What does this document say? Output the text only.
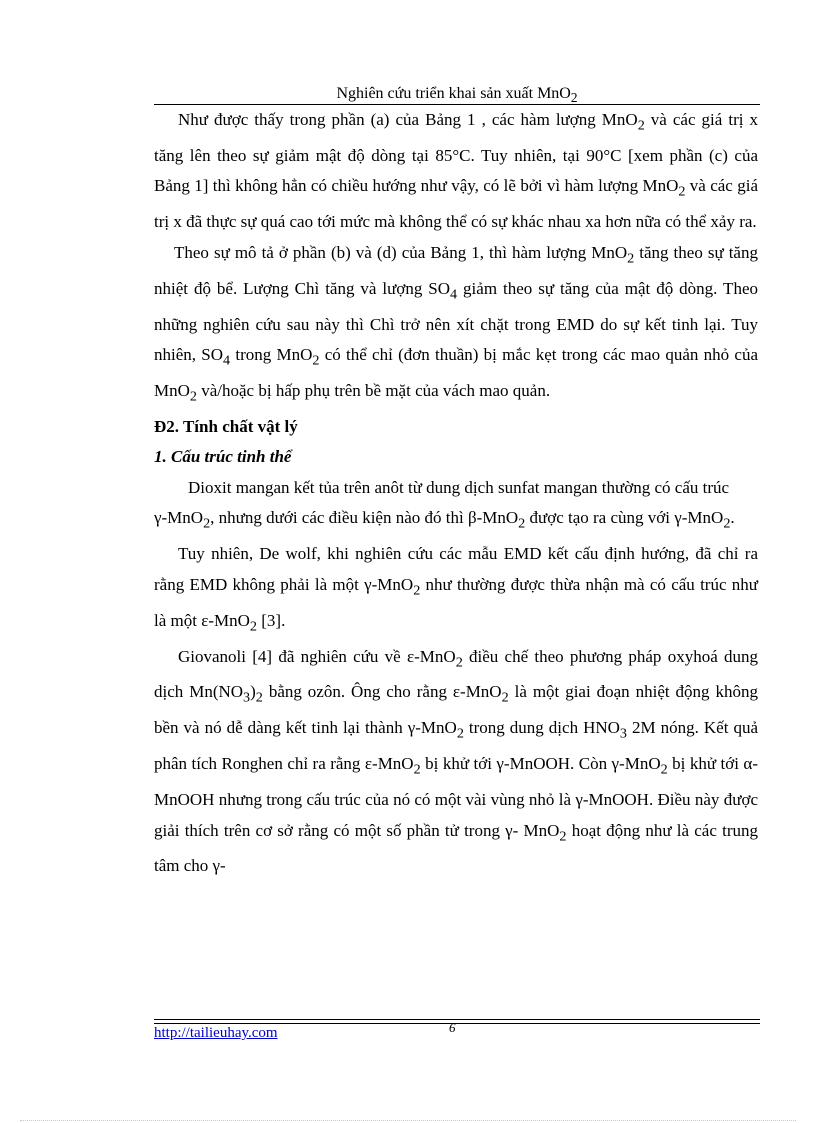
Nghiên cứu triển khai sản xuất MnO$_2$

Như được thấy trong phần (a) của Bảng 1 , các hàm lượng MnO$_2$ và các giá trị x tăng lên theo sự giảm mật độ dòng tại 85°C. Tuy nhiên, tại 90°C [xem phần (c) của Bảng 1] thì không hẳn có chiều hướng như vậy, có lẽ bởi vì hàm lượng MnO$_2$ và các giá trị x đã thực sự quá cao tới mức mà không thể có sự khác nhau xa hơn nữa có thể xảy ra.

Theo sự mô tả ở phần (b) và (d) của Bảng 1, thì hàm lượng MnO$_2$ tăng theo sự tăng nhiệt độ bể. Lượng Chì tăng và lượng $SO_4$ giảm theo sự tăng của mật độ dòng. Theo những nghiên cứu sau này thì Chì trở nên xít chặt trong EMD do sự kết tinh lại. Tuy nhiên, $SO_4$ trong MnO$_2$ có thể chỉ (đơn thuần) bị mắc kẹt trong các mao quản nhỏ của MnO$_2$ và/hoặc bị hấp phụ trên bề mặt của vách mao quản.

Đ2. Tính chất vật lý

1. Cấu trúc tinh thể

Dioxit mangan kết tủa trên anôt từ dung dịch sunfat mangan thường có cấu trúc

γ-MnO$_2$, nhưng dưới các điều kiện nào đó thì β-MnO$_2$ được tạo ra cùng với γ-MnO$_2$.

Tuy nhiên, De wolf, khi nghiên cứu các mẫu EMD kết cấu định hướng, đã chỉ ra rằng EMD không phải là một γ-MnO$_2$ như thường được thừa nhận mà có cấu trúc như là một ε-MnO$_2$ [3].

Giovanoli [4] đã nghiên cứu về ε-MnO$_2$ điều chế theo phương pháp oxyhoá dung dịch $Mn(NO_3)_2$ bằng ozôn. Ông cho rằng ε-MnO$_2$ là một giai đoạn nhiệt động không bền và nó dễ dàng kết tinh lại thành γ-MnO$_2$ trong dung dịch $HNO_3$ 2M nóng. Kết quả phân tích Ronghen chỉ ra rằng ε-MnO$_2$ bị khử tới γ-MnOOH. Còn γ-MnO$_2$ bị khử tới α-MnOOH nhưng trong cấu trúc của nó có một vài vùng nhỏ là γ-MnOOH. Điều này được giải thích trên cơ sở rằng có một số phần tử trong γ- MnO$_2$ hoạt động như là các trung tâm cho γ-

6
http://tailieuhay.com
